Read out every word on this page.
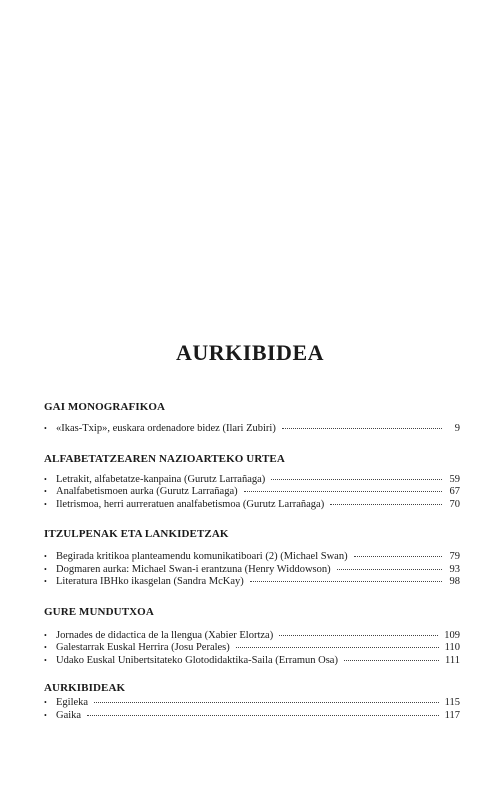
AURKIBIDEA
GAI MONOGRAFIKOA
• «Ikas-Txip», euskara ordenadore bidez (Ilari Zubiri)	9
ALFABETATZEAREN NAZIOARTEKO URTEA
• Letrakit, alfabetatze-kanpaina (Gurutz Larrañaga)	59
• Analfabetismoen aurka (Gurutz Larrañaga)	67
• Iletrismoa, herri aurreratuen analfabetismoa (Gurutz Larrañaga)	70
ITZULPENAK ETA LANKIDETZAK
• Begirada kritikoa planteamendu komunikatiboari (2) (Michael Swan)	79
• Dogmaren aurka: Michael Swan-i erantzuna (Henry Widdowson)	93
• Literatura IBHko ikasgelan (Sandra McKay)	98
GURE MUNDUTXOA
• Jornades de didactica de la llengua (Xabier Elortza)	109
• Galestarrak Euskal Herrira (Josu Perales)	110
• Udako Euskal Unibertsitateko Glotodidaktika-Saila (Erramun Osa)	111
AURKIBIDEAK
• Egileka	115
• Gaika	117
